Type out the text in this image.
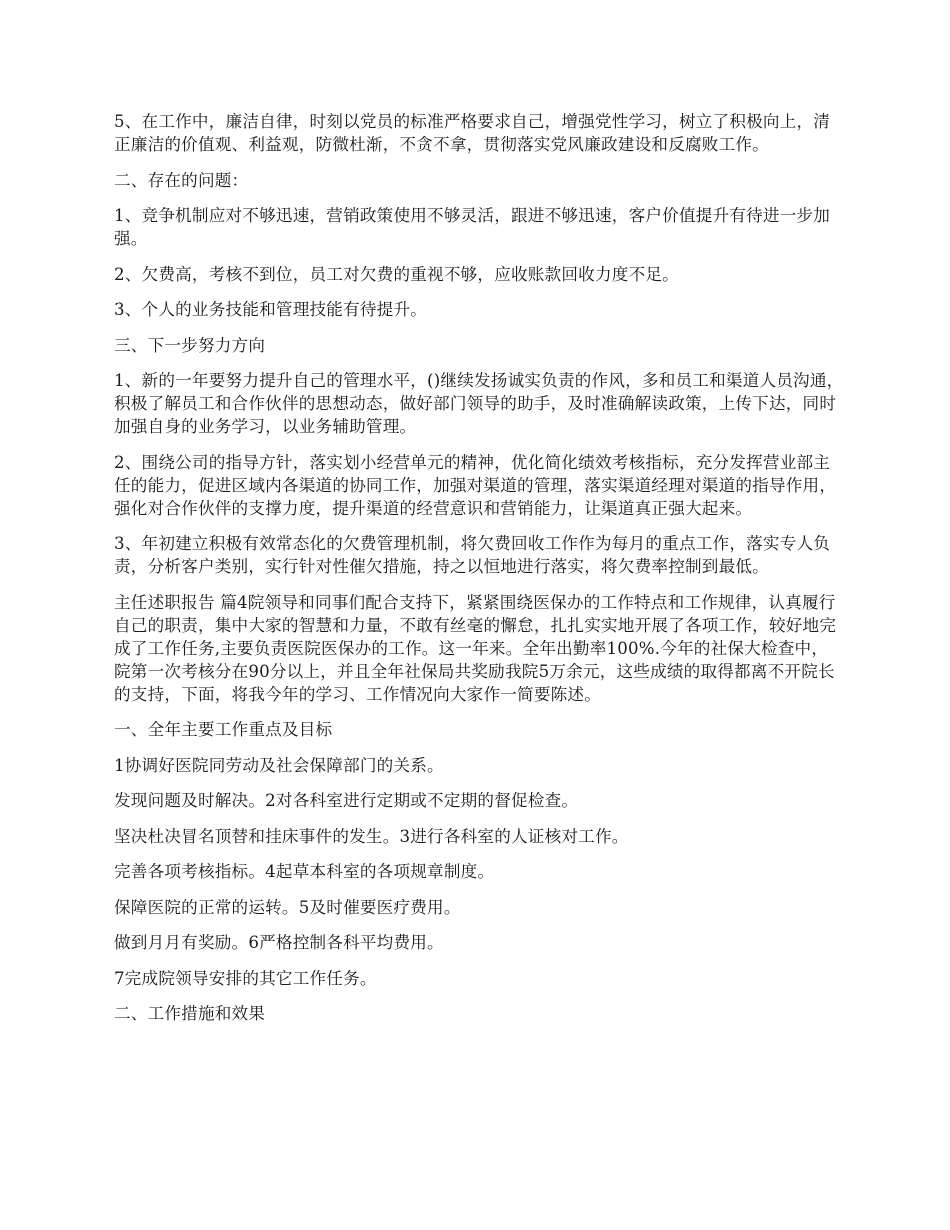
5、在工作中，廉洁自律，时刻以党员的标准严格要求自己，增强党性学习，树立了积极向上，清正廉洁的价值观、利益观，防微杜渐，不贪不拿，贯彻落实党风廉政建设和反腐败工作。

二、存在的问题：

1、竞争机制应对不够迅速，营销政策使用不够灵活，跟进不够迅速，客户价值提升有待进一步加强。

2、欠费高，考核不到位，员工对欠费的重视不够，应收账款回收力度不足。

3、个人的业务技能和管理技能有待提升。

三、下一步努力方向

1、新的一年要努力提升自己的管理水平，()继续发扬诚实负责的作风，多和员工和渠道人员沟通，积极了解员工和合作伙伴的思想动态，做好部门领导的助手，及时准确解读政策，上传下达，同时加强自身的业务学习，以业务辅助管理。

2、围绕公司的指导方针，落实划小经营单元的精神，优化简化绩效考核指标，充分发挥营业部主任的能力，促进区域内各渠道的协同工作，加强对渠道的管理，落实渠道经理对渠道的指导作用，强化对合作伙伴的支撑力度，提升渠道的经营意识和营销能力，让渠道真正强大起来。

3、年初建立积极有效常态化的欠费管理机制，将欠费回收工作作为每月的重点工作，落实专人负责，分析客户类别，实行针对性催欠措施，持之以恒地进行落实，将欠费率控制到最低。

主任述职报告 篇4院领导和同事们配合支持下，紧紧围绕医保办的工作特点和工作规律，认真履行自己的职责，集中大家的智慧和力量，不敢有丝毫的懈怠，扎扎实实地开展了各项工作，较好地完成了工作任务,主要负责医院医保办的工作。这一年来。全年出勤率100%.今年的社保大检查中，院第一次考核分在90分以上，并且全年社保局共奖励我院5万余元，这些成绩的取得都离不开院长的支持，下面，将我今年的学习、工作情况向大家作一简要陈述。

一、全年主要工作重点及目标

1协调好医院同劳动及社会保障部门的关系。

发现问题及时解决。2对各科室进行定期或不定期的督促检查。

坚决杜决冒名顶替和挂床事件的发生。3进行各科室的人证核对工作。

完善各项考核指标。4起草本科室的各项规章制度。

保障医院的正常的运转。5及时催要医疗费用。

做到月月有奖励。6严格控制各科平均费用。

7完成院领导安排的其它工作任务。

二、工作措施和效果
